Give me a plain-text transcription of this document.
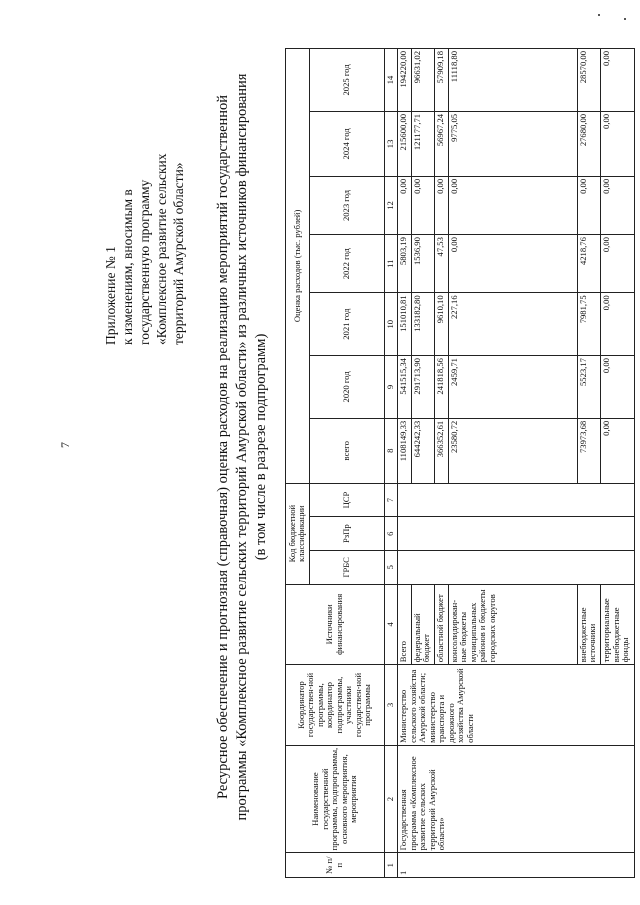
7
Приложение № 1 к изменениям, вносимым в государственную программу «Комплексное развитие сельских территорий Амурской области» Ресурсное обеспечение и прогнозная (справочная) оценка расходов на реализацию мероприятий государственной программы «Комплексное развитие сельских территорий Амурской области» из различных источников финансирования (в том числе в разрезе подпрограмм)
№ п/п	Наименование государственной программы, подпрограммы, основного мероприятия, мероприятия	Координатор государствен-ной программы, координатор подпрограммы, участники государствен-ной программы	Источники финансирования	Код бюджетной классификации			Оценка расходов (тыс. рублей)						
				ГРБС	РзПр	ЦСР	всего	2020 год	2021 год	2022 год	2023 год	2024 год	2025 год
1	2	3	4	5	6	7	8	9	10	11	12	13	14
1	Государственная программа «Комплексное развитие сельских территорий Амурской области»	Министерство сельского хозяйства Амурской области; министерство транспорта и дорожного хозяйства Амурской области	Всего				1108149,33	541515,34	151010,81	5803,19	0,00	215600,00	194220,00
			федеральный бюджет				644242,33	291713,90	133182,80	1536,90	0,00	121177,71	96631,02
			областной бюджет				366352,61	241818,56	9610,10	47,53	0,00	56967,24	57909,18
			консолидирован-ные бюджеты муниципальных районов и бюджеты городских округов				23580,72	2459,71	227,16	0,00	0,00	9775,05	11118,80
			внебюджетные источники				73973,68	5523,17	7981,75	4218,76	0,00	27680,00	28570,00
			территориальные внебюджетные фонды				0,00	0,00	0,00	0,00	0,00	0,00	0,00
